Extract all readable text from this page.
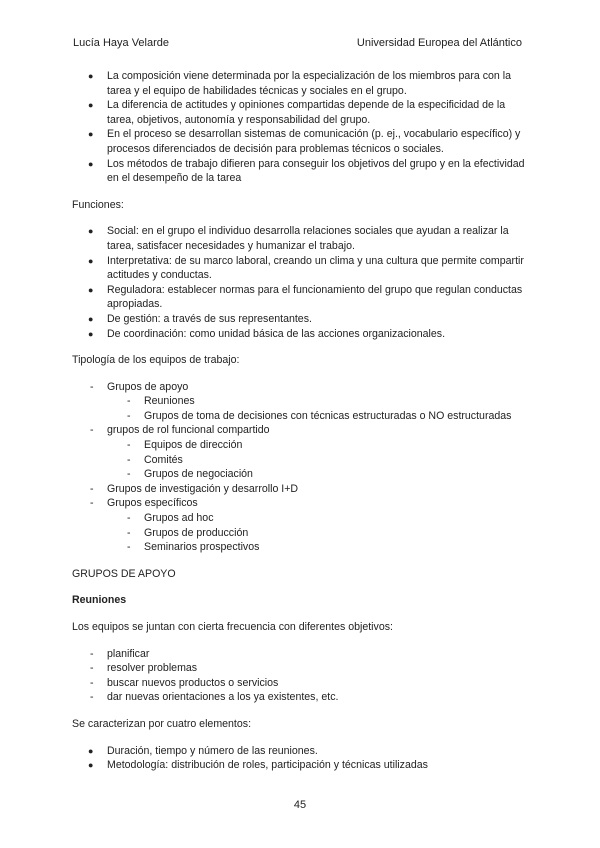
Lucía Haya Velarde	Universidad Europea del Atlántico
● La composición viene determinada por la especialización de los miembros para con la tarea y el equipo de habilidades técnicas y sociales en el grupo.
● La diferencia de actitudes y opiniones compartidas depende de la especificidad de la tarea, objetivos, autonomía y responsabilidad del grupo.
● En el proceso se desarrollan sistemas de comunicación (p. ej., vocabulario específico) y procesos diferenciados de decisión para problemas técnicos o sociales.
● Los métodos de trabajo difieren para conseguir los objetivos del grupo y en la efectividad en el desempeño de la tarea

Funciones:

● Social: en el grupo el individuo desarrolla relaciones sociales que ayudan a realizar la tarea, satisfacer necesidades y humanizar el trabajo.
● Interpretativa: de su marco laboral, creando un clima y una cultura que permite compartir actitudes y conductas.
● Reguladora: establecer normas para el funcionamiento del grupo que regulan conductas apropiadas.
● De gestión: a través de sus representantes.
● De coordinación: como unidad básica de las acciones organizacionales.

Tipología de los equipos de trabajo:

- Grupos de apoyo
- Reuniones
- Grupos de toma de decisiones con técnicas estructuradas o NO estructuradas
- grupos de rol funcional compartido
- Equipos de dirección
- Comités
- Grupos de negociación
- Grupos de investigación y desarrollo I+D
- Grupos específicos
- Grupos ad hoc
- Grupos de producción
- Seminarios prospectivos

GRUPOS DE APOYO

Reuniones

Los equipos se juntan con cierta frecuencia con diferentes objetivos:

- planificar
- resolver problemas
- buscar nuevos productos o servicios
- dar nuevas orientaciones a los ya existentes, etc.

Se caracterizan por cuatro elementos:

● Duración, tiempo y número de las reuniones.
● Metodología: distribución de roles, participación y técnicas utilizadas
45
